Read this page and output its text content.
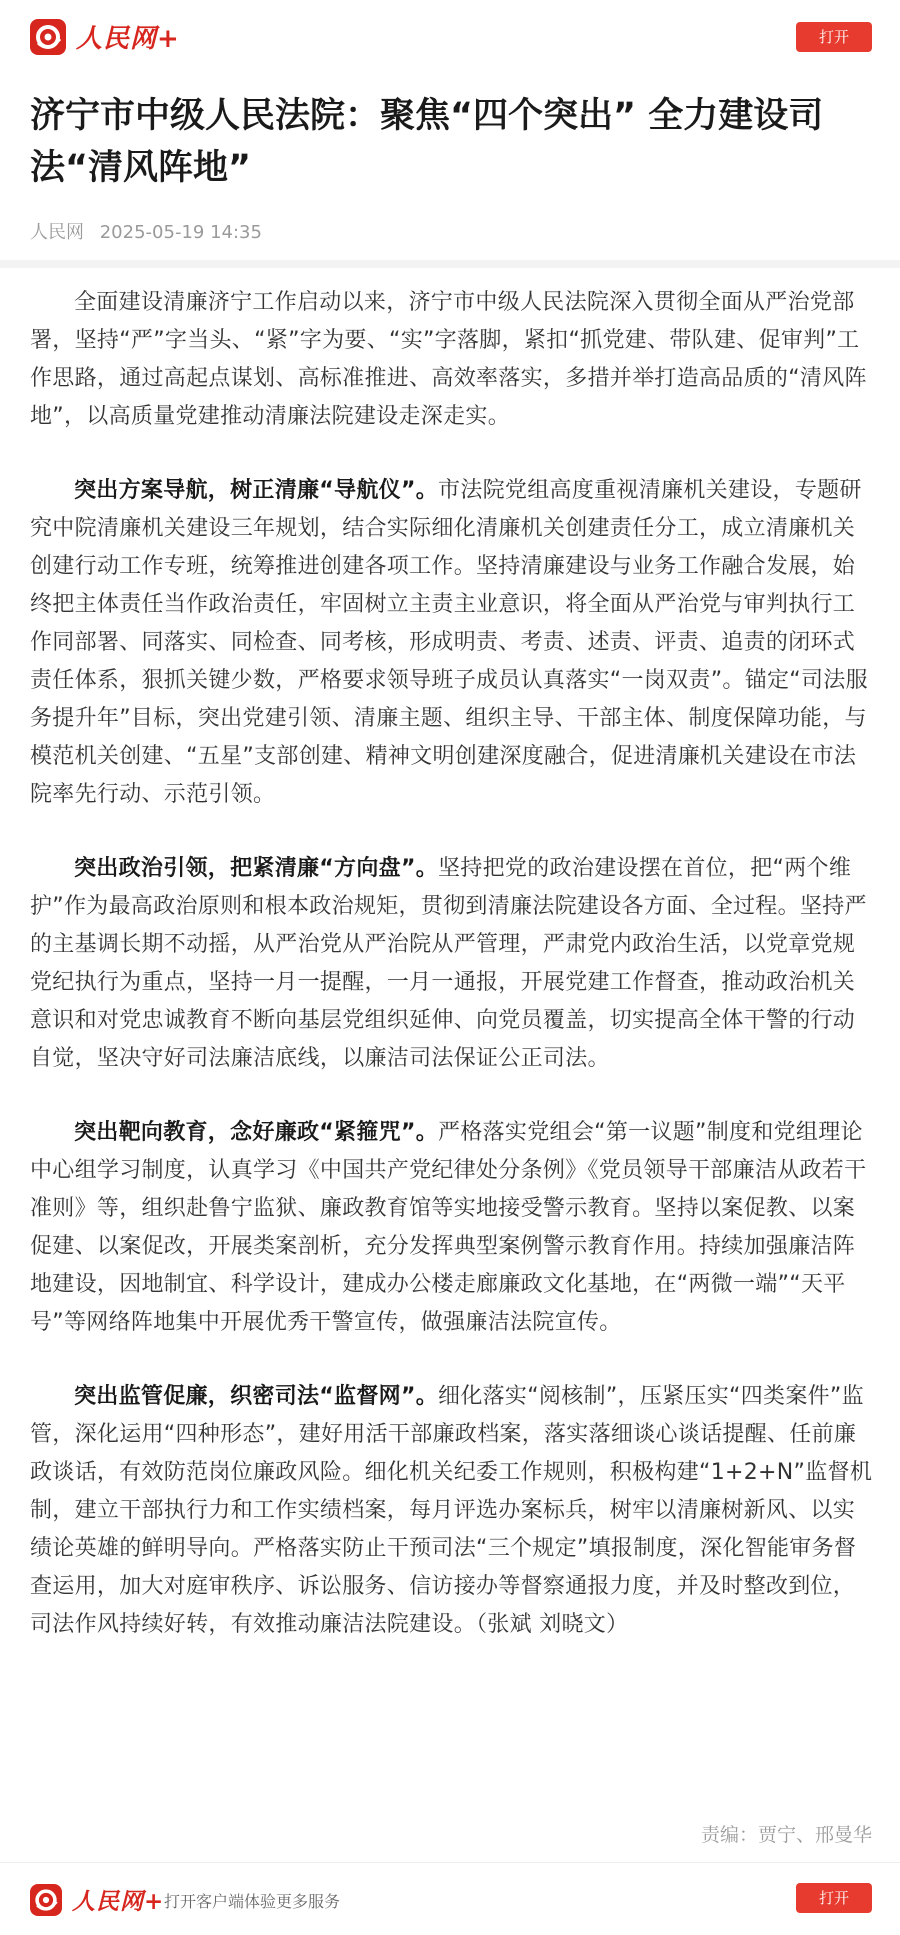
人民网+	打开
济宁市中级人民法院：聚焦“四个突出” 全力建设司法“清风阵地”
人民网 2025-05-19 14:35

全面建设清廉济宁工作启动以来，济宁市中级人民法院深入贯彻全面从严治党部署，坚持“严”字当头、“紧”字为要、“实”字落脚，紧扣“抓党建、带队建、促审判”工作思路，通过高起点谋划、高标准推进、高效率落实，多措并举打造高品质的“清风阵地”，以高质量党建推动清廉法院建设走深走实。

突出方案导航，树正清廉“导航仪”。市法院党组高度重视清廉机关建设，专题研究中院清廉机关建设三年规划，结合实际细化清廉机关创建责任分工，成立清廉机关创建行动工作专班，统筹推进创建各项工作。坚持清廉建设与业务工作融合发展，始终把主体责任当作政治责任，牢固树立主责主业意识，将全面从严治党与审判执行工作同部署、同落实、同检查、同考核，形成明责、考责、述责、评责、追责的闭环式责任体系，狠抓关键少数，严格要求领导班子成员认真落实“一岗双责”。锚定“司法服务提升年”目标，突出党建引领、清廉主题、组织主导、干部主体、制度保障功能，与模范机关创建、“五星”支部创建、精神文明创建深度融合，促进清廉机关建设在市法院率先行动、示范引领。

突出政治引领，把紧清廉“方向盘”。坚持把党的政治建设摆在首位，把“两个维护”作为最高政治原则和根本政治规矩，贯彻到清廉法院建设各方面、全过程。坚持严的主基调长期不动摇，从严治党从严治院从严管理，严肃党内政治生活，以党章党规党纪执行为重点，坚持一月一提醒，一月一通报，开展党建工作督查，推动政治机关意识和对党忠诚教育不断向基层党组织延伸、向党员覆盖，切实提高全体干警的行动自觉，坚决守好司法廉洁底线，以廉洁司法保证公正司法。

突出靶向教育，念好廉政“紧箍咒”。严格落实党组会“第一议题”制度和党组理论中心组学习制度，认真学习《中国共产党纪律处分条例》《党员领导干部廉洁从政若干准则》等，组织赴鲁宁监狱、廉政教育馆等实地接受警示教育。坚持以案促教、以案促建、以案促改，开展类案剖析，充分发挥典型案例警示教育作用。持续加强廉洁阵地建设，因地制宜、科学设计，建成办公楼走廊廉政文化基地，在“两微一端”“天平号”等网络阵地集中开展优秀干警宣传，做强廉洁法院宣传。

突出监管促廉，织密司法“监督网”。细化落实“阅核制”，压紧压实“四类案件”监管，深化运用“四种形态”，建好用活干部廉政档案，落实落细谈心谈话提醒、任前廉政谈话，有效防范岗位廉政风险。细化机关纪委工作规则，积极构建“1+2+N”监督机制，建立干部执行力和工作实绩档案，每月评选办案标兵，树牢以清廉树新风、以实绩论英雄的鲜明导向。严格落实防止干预司法“三个规定”填报制度，深化智能审务督查运用，加大对庭审秩序、诉讼服务、信访接办等督察通报力度，并及时整改到位，司法作风持续好转，有效推动廉洁法院建设。（张斌 刘晓文）

责编：贾宁、邢曼华
人民网+ 打开客户端体验更多服务	打开
